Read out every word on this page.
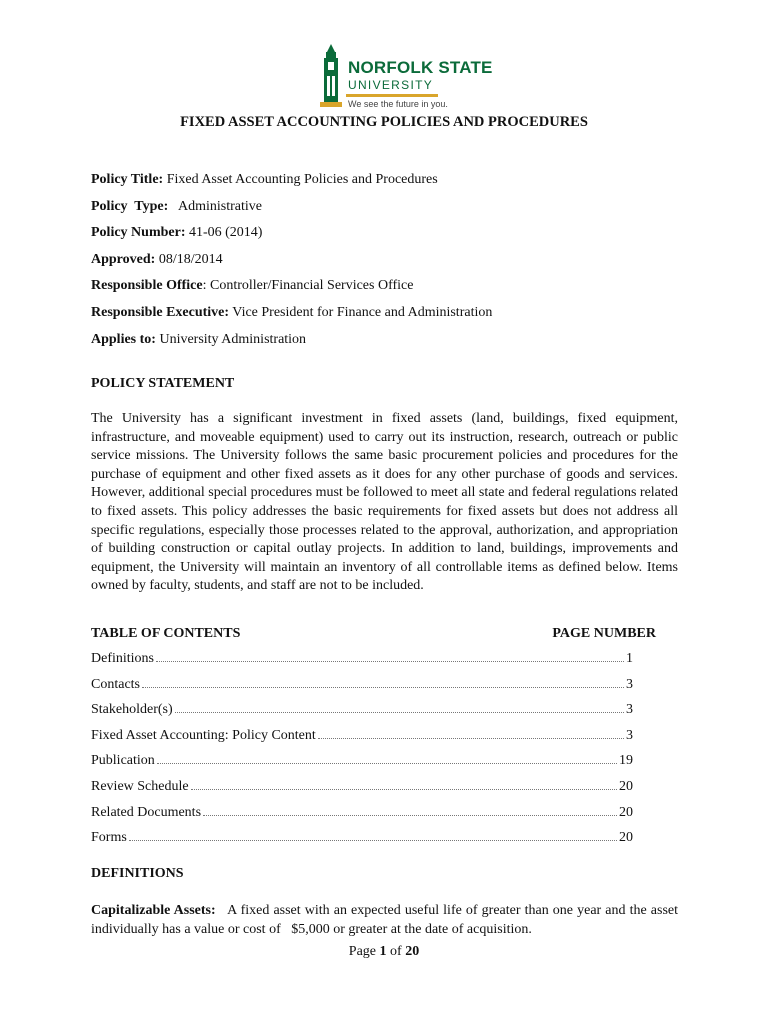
NORFOLK STATE
UNIVERSITY
We see the future in you.
FIXED ASSET ACCOUNTING POLICIES AND PROCEDURES
Policy Title: Fixed Asset Accounting Policies and Procedures
Policy  Type:   Administrative
Policy Number: 41-06 (2014)
Approved: 08/18/2014
Responsible Office: Controller/Financial Services Office
Responsible Executive: Vice President for Finance and Administration
Applies to: University Administration
POLICY STATEMENT

The University has a significant investment in fixed assets (land, buildings, fixed equipment, infrastructure, and moveable equipment) used to carry out its instruction, research, outreach or public service missions. The University follows the same basic procurement policies and procedures for the purchase of equipment and other fixed assets as it does for any other purchase of goods and services. However, additional special procedures must be followed to meet all state and federal regulations related to fixed assets. This policy addresses the basic requirements for fixed assets but does not address all specific regulations, especially those processes related to the approval, authorization, and appropriation of building construction or capital outlay projects. In addition to land, buildings, improvements and equipment, the University will maintain an inventory of all controllable items as defined below. Items owned by faculty, students, and staff are not to be included.

TABLE OF CONTENTS	PAGE NUMBER
Definitions	1
Contacts	3
Stakeholder(s)	3
Fixed Asset Accounting: Policy Content	3
Publication	19
Review Schedule	20
Related Documents	20
Forms	20
DEFINITIONS

Capitalizable Assets:   A fixed asset with an expected useful life of greater than one year and the asset individually has a value or cost of   $5,000 or greater at the date of acquisition.

Page 1 of 20
